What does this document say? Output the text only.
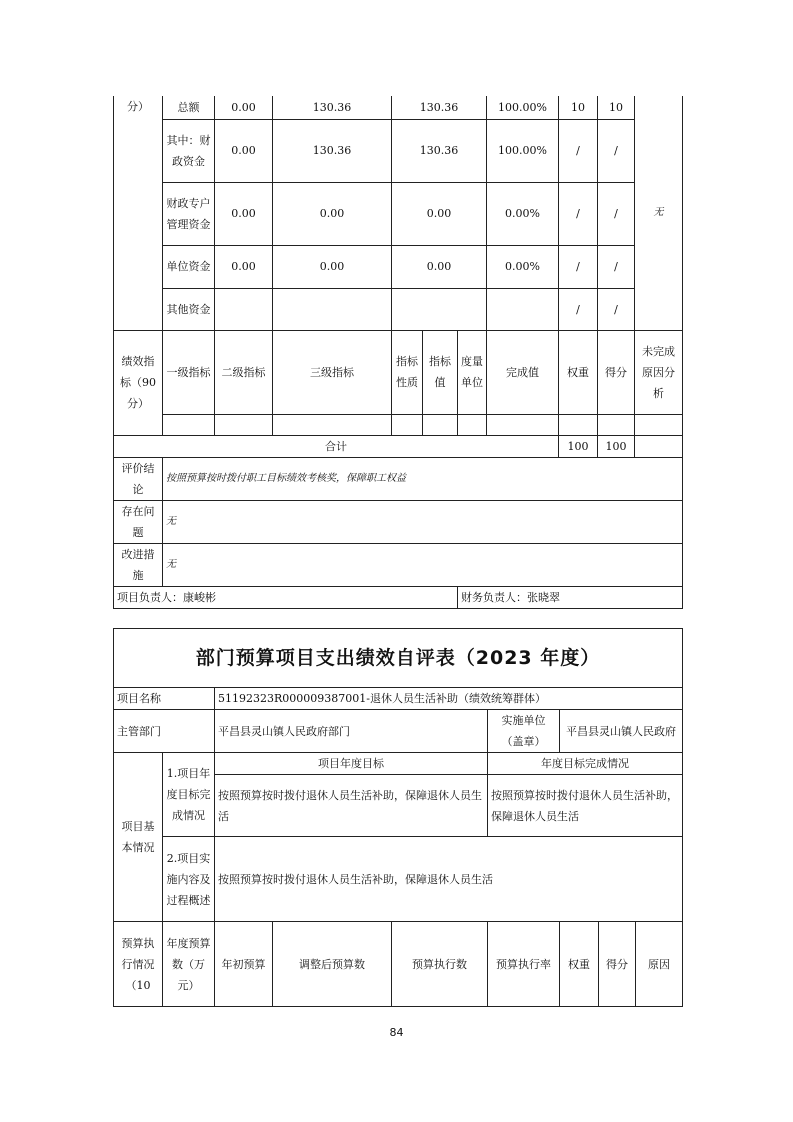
分）	总额	0.00	130.36	130.36			100.00%	10	10	无
	其中：财政资金	0.00	130.36	130.36			100.00%	/	/	
	财政专户管理资金	0.00	0.00	0.00			0.00%	/	/	
	单位资金	0.00	0.00	0.00			0.00%	/	/	
	其他资金							/	/	
绩效指标（90分）	一级指标	二级指标	三级指标	指标性质	指标值	度量单位	完成值	权重	得分	未完成原因分析

合计								100	100	
评价结论	按照预算按时拨付职工目标绩效考核奖，保障职工权益									
存在问题	无									
改进措施	无									
项目负责人：康峻彬						财务负责人：张晓翠				
部门预算项目支出绩效自评表（2023 年度）								
项目名称		51192323R000009387001-退休人员生活补助（绩效统筹群体）						
主管部门		平昌县灵山镇人民政府部门			实施单位（盖章）	平昌县灵山镇人民政府		
项目基本情况	1.项目年度目标完成情况	项目年度目标			年度目标完成情况			
		按照预算按时拨付退休人员生活补助，保障退休人员生活			按照预算按时拨付退休人员生活补助，保障退休人员生活			
	2.项目实施内容及过程概述	按照预算按时拨付退休人员生活补助，保障退休人员生活						
预算执行情况（10	年度预算数（万元）	年初预算	调整后预算数	预算执行数	预算执行率	权重	得分	原因
84
